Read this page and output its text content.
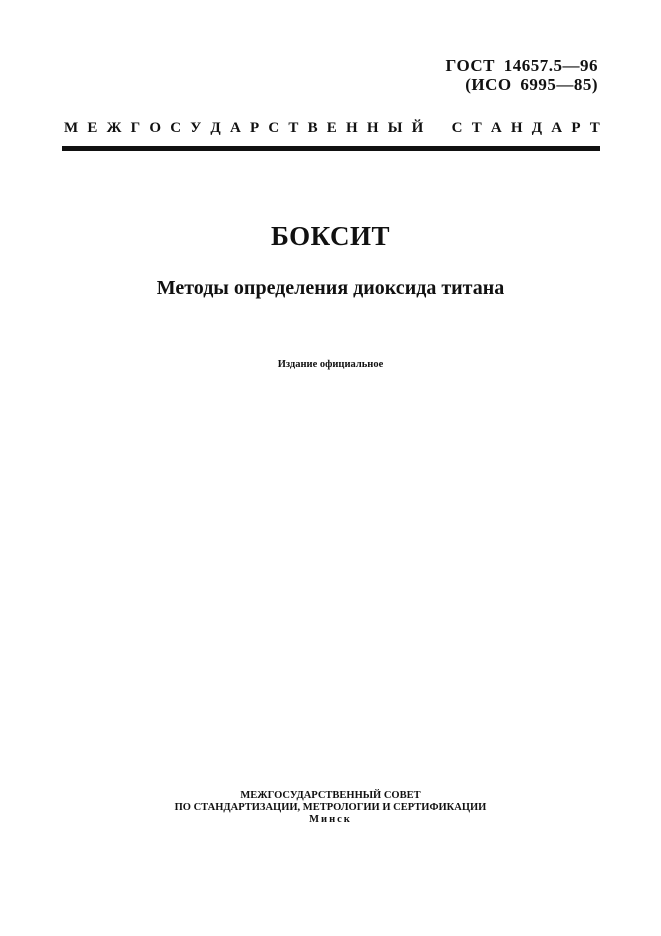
ГОСТ 14657.5—96
(ИСО 6995—85)
М Е Ж Г О С У Д А Р С Т В Е Н Н Ы Й С Т А Н Д А Р Т
БОКСИТ
Методы определения диоксида титана
Издание официальное
МЕЖГОСУДАРСТВЕННЫЙ СОВЕТ
ПО СТАНДАРТИЗАЦИИ, МЕТРОЛОГИИ И СЕРТИФИКАЦИИ
Минск
